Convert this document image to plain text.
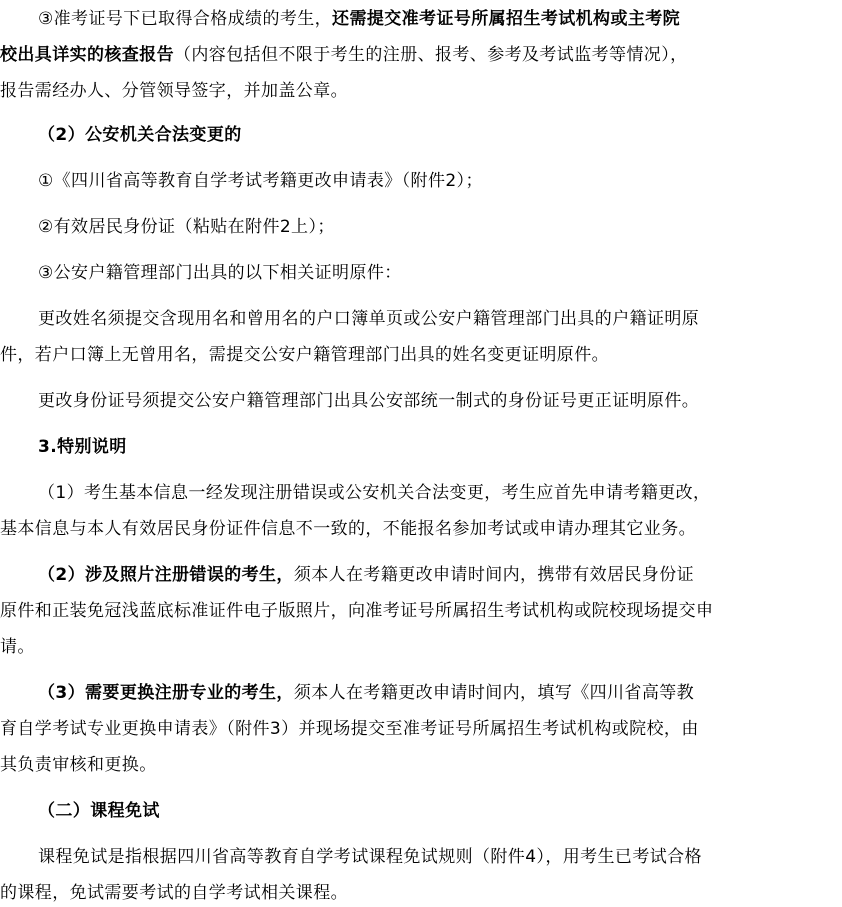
③准考证号下已取得合格成绩的考生，还需提交准考证号所属招生考试机构或主考院
校出具详实的核查报告（内容包括但不限于考生的注册、报考、参考及考试监考等情况），
报告需经办人、分管领导签字，并加盖公章。
（2）公安机关合法变更的
①《四川省高等教育自学考试考籍更改申请表》（附件2）；
②有效居民身份证（粘贴在附件2上）；
③公安户籍管理部门出具的以下相关证明原件：
更改姓名须提交含现用名和曾用名的户口簿单页或公安户籍管理部门出具的户籍证明原
件，若户口簿上无曾用名，需提交公安户籍管理部门出具的姓名变更证明原件。
更改身份证号须提交公安户籍管理部门出具公安部统一制式的身份证号更正证明原件。
3.特别说明
（1）考生基本信息一经发现注册错误或公安机关合法变更，考生应首先申请考籍更改，
基本信息与本人有效居民身份证件信息不一致的，不能报名参加考试或申请办理其它业务。
（2）涉及照片注册错误的考生，须本人在考籍更改申请时间内，携带有效居民身份证
原件和正装免冠浅蓝底标准证件电子版照片，向准考证号所属招生考试机构或院校现场提交申
请。
（3）需要更换注册专业的考生，须本人在考籍更改申请时间内，填写《四川省高等教
育自学考试专业更换申请表》（附件3）并现场提交至准考证号所属招生考试机构或院校，由
其负责审核和更换。
（二）课程免试
课程免试是指根据四川省高等教育自学考试课程免试规则（附件4），用考生已考试合格
的课程，免试需要考试的自学考试相关课程。
